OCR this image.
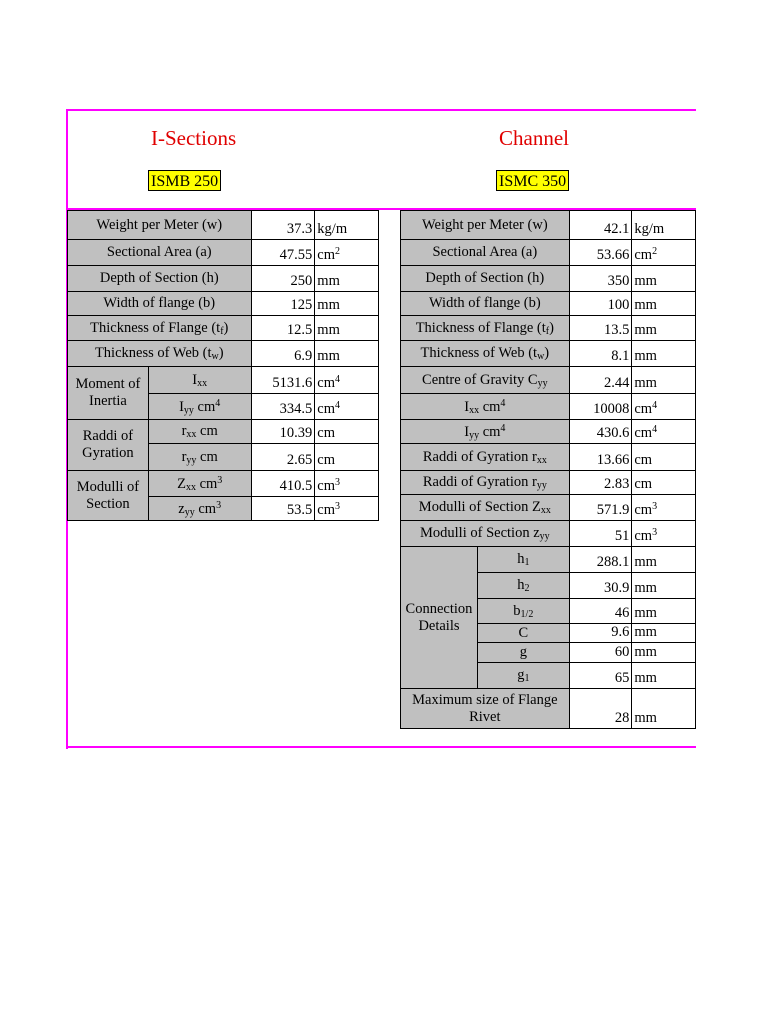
I-Sections	Channel
ISMB 250	ISMC 350
Weight per Meter (w)		37.3	kg/m
Sectional Area (a)		47.55	$cm^2$
Depth of Section (h)		250	mm
Width of flange (b)		125	mm
Thickness of Flange $(t_f)$		12.5	mm
Thickness of Web $(t_w)$		6.9	mm
Moment of Inertia	$I_{xx}$	5131.6	$cm^4$
	$I_{yy}$ $cm^4$	334.5	$cm^4$
Raddi of Gyration	$r_{xx}$ cm	10.39	cm
	$r_{yy}$ cm	2.65	cm
Modulli of Section	$Z_{xx}$ $cm^3$	410.5	$cm^3$
	$z_{yy}$ $cm^3$	53.5	$cm^3$
Weight per Meter (w)		42.1	kg/m
Sectional Area (a)		53.66	$cm^2$
Depth of Section (h)		350	mm
Width of flange (b)		100	mm
Thickness of Flange $(t_f)$		13.5	mm
Thickness of Web $(t_w)$		8.1	mm
Centre of Gravity $C_{yy}$		2.44	mm
$I_{xx}$ $cm^4$		10008	$cm^4$
$I_{yy}$ $cm^4$		430.6	$cm^4$
Raddi of Gyration $r_{xx}$		13.66	cm
Raddi of Gyration $r_{yy}$		2.83	cm
Modulli of Section $Z_{xx}$		571.9	$cm^3$
Modulli of Section $z_{yy}$		51	$cm^3$
Connection Details	$h_1$	288.1	mm
	$h_2$	30.9	mm
	$b_{1/2}$	46	mm
	C	9.6	mm
	g	60	mm
	$g_1$	65	mm
Maximum size of Flange Rivet		28	mm
